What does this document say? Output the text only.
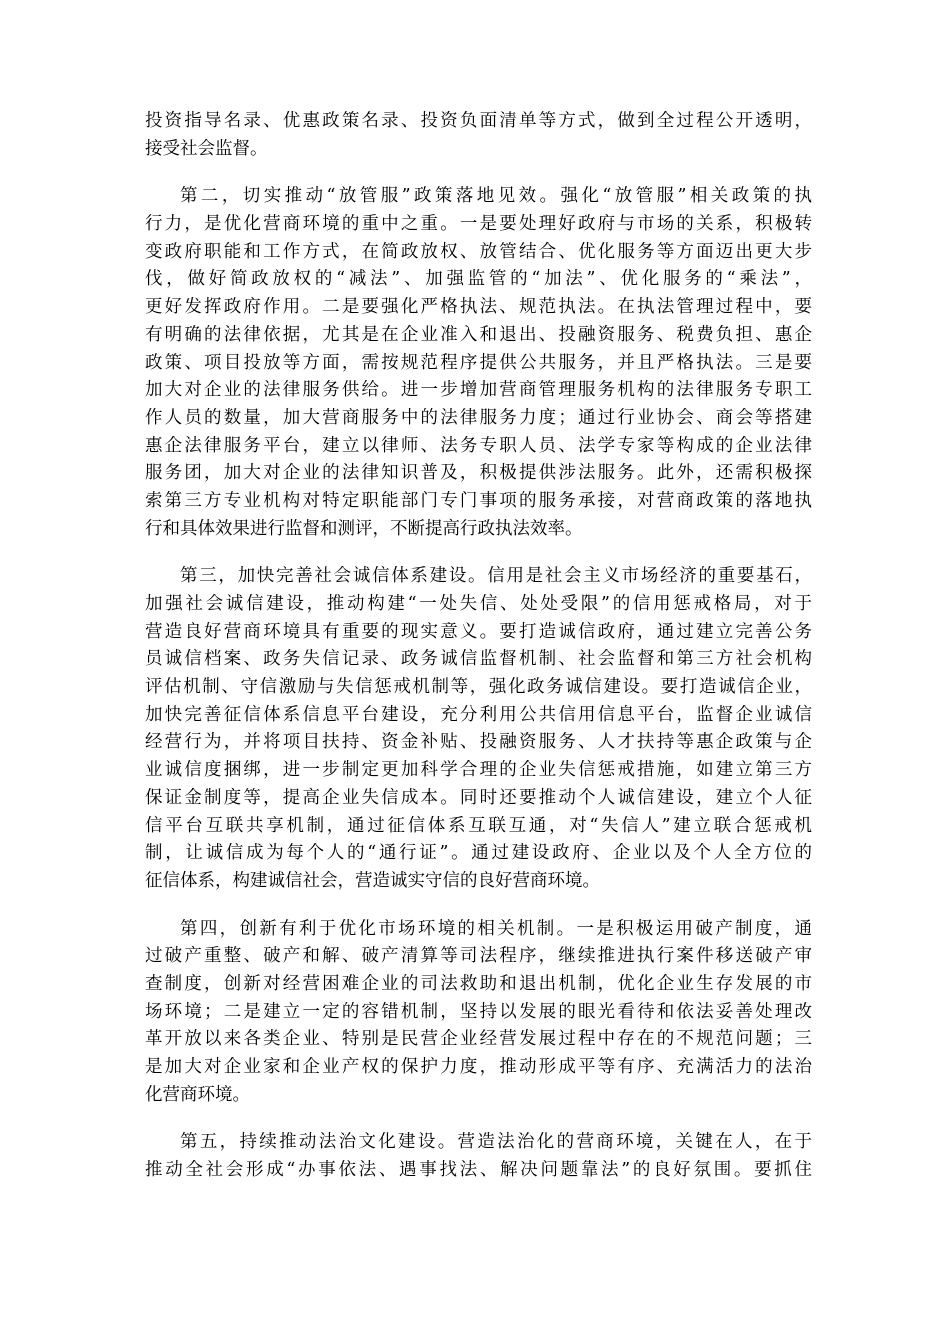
投资指导名录、优惠政策名录、投资负面清单等方式，做到全过程公开透明，
接受社会监督。
第二，切实推动“放管服”政策落地见效。强化“放管服”相关政策的执
行力，是优化营商环境的重中之重。一是要处理好政府与市场的关系，积极转
变政府职能和工作方式，在简政放权、放管结合、优化服务等方面迈出更大步
伐，做好简政放权的“减法”、加强监管的“加法”、优化服务的“乘法”，
更好发挥政府作用。二是要强化严格执法、规范执法。在执法管理过程中，要
有明确的法律依据，尤其是在企业准入和退出、投融资服务、税费负担、惠企
政策、项目投放等方面，需按规范程序提供公共服务，并且严格执法。三是要
加大对企业的法律服务供给。进一步增加营商管理服务机构的法律服务专职工
作人员的数量，加大营商服务中的法律服务力度；通过行业协会、商会等搭建
惠企法律服务平台，建立以律师、法务专职人员、法学专家等构成的企业法律
服务团，加大对企业的法律知识普及，积极提供涉法服务。此外，还需积极探
索第三方专业机构对特定职能部门专门事项的服务承接，对营商政策的落地执
行和具体效果进行监督和测评，不断提高行政执法效率。
第三，加快完善社会诚信体系建设。信用是社会主义市场经济的重要基石，
加强社会诚信建设，推动构建“一处失信、处处受限”的信用惩戒格局，对于
营造良好营商环境具有重要的现实意义。要打造诚信政府，通过建立完善公务
员诚信档案、政务失信记录、政务诚信监督机制、社会监督和第三方社会机构
评估机制、守信激励与失信惩戒机制等，强化政务诚信建设。要打造诚信企业，
加快完善征信体系信息平台建设，充分利用公共信用信息平台，监督企业诚信
经营行为，并将项目扶持、资金补贴、投融资服务、人才扶持等惠企政策与企
业诚信度捆绑，进一步制定更加科学合理的企业失信惩戒措施，如建立第三方
保证金制度等，提高企业失信成本。同时还要推动个人诚信建设，建立个人征
信平台互联共享机制，通过征信体系互联互通，对“失信人”建立联合惩戒机
制，让诚信成为每个人的“通行证”。通过建设政府、企业以及个人全方位的
征信体系，构建诚信社会，营造诚实守信的良好营商环境。
第四，创新有利于优化市场环境的相关机制。一是积极运用破产制度，通
过破产重整、破产和解、破产清算等司法程序，继续推进执行案件移送破产审
查制度，创新对经营困难企业的司法救助和退出机制，优化企业生存发展的市
场环境；二是建立一定的容错机制，坚持以发展的眼光看待和依法妥善处理改
革开放以来各类企业、特别是民营企业经营发展过程中存在的不规范问题；三
是加大对企业家和企业产权的保护力度，推动形成平等有序、充满活力的法治
化营商环境。
第五，持续推动法治文化建设。营造法治化的营商环境，关键在人，在于
推动全社会形成“办事依法、遇事找法、解决问题靠法”的良好氛围。要抓住
